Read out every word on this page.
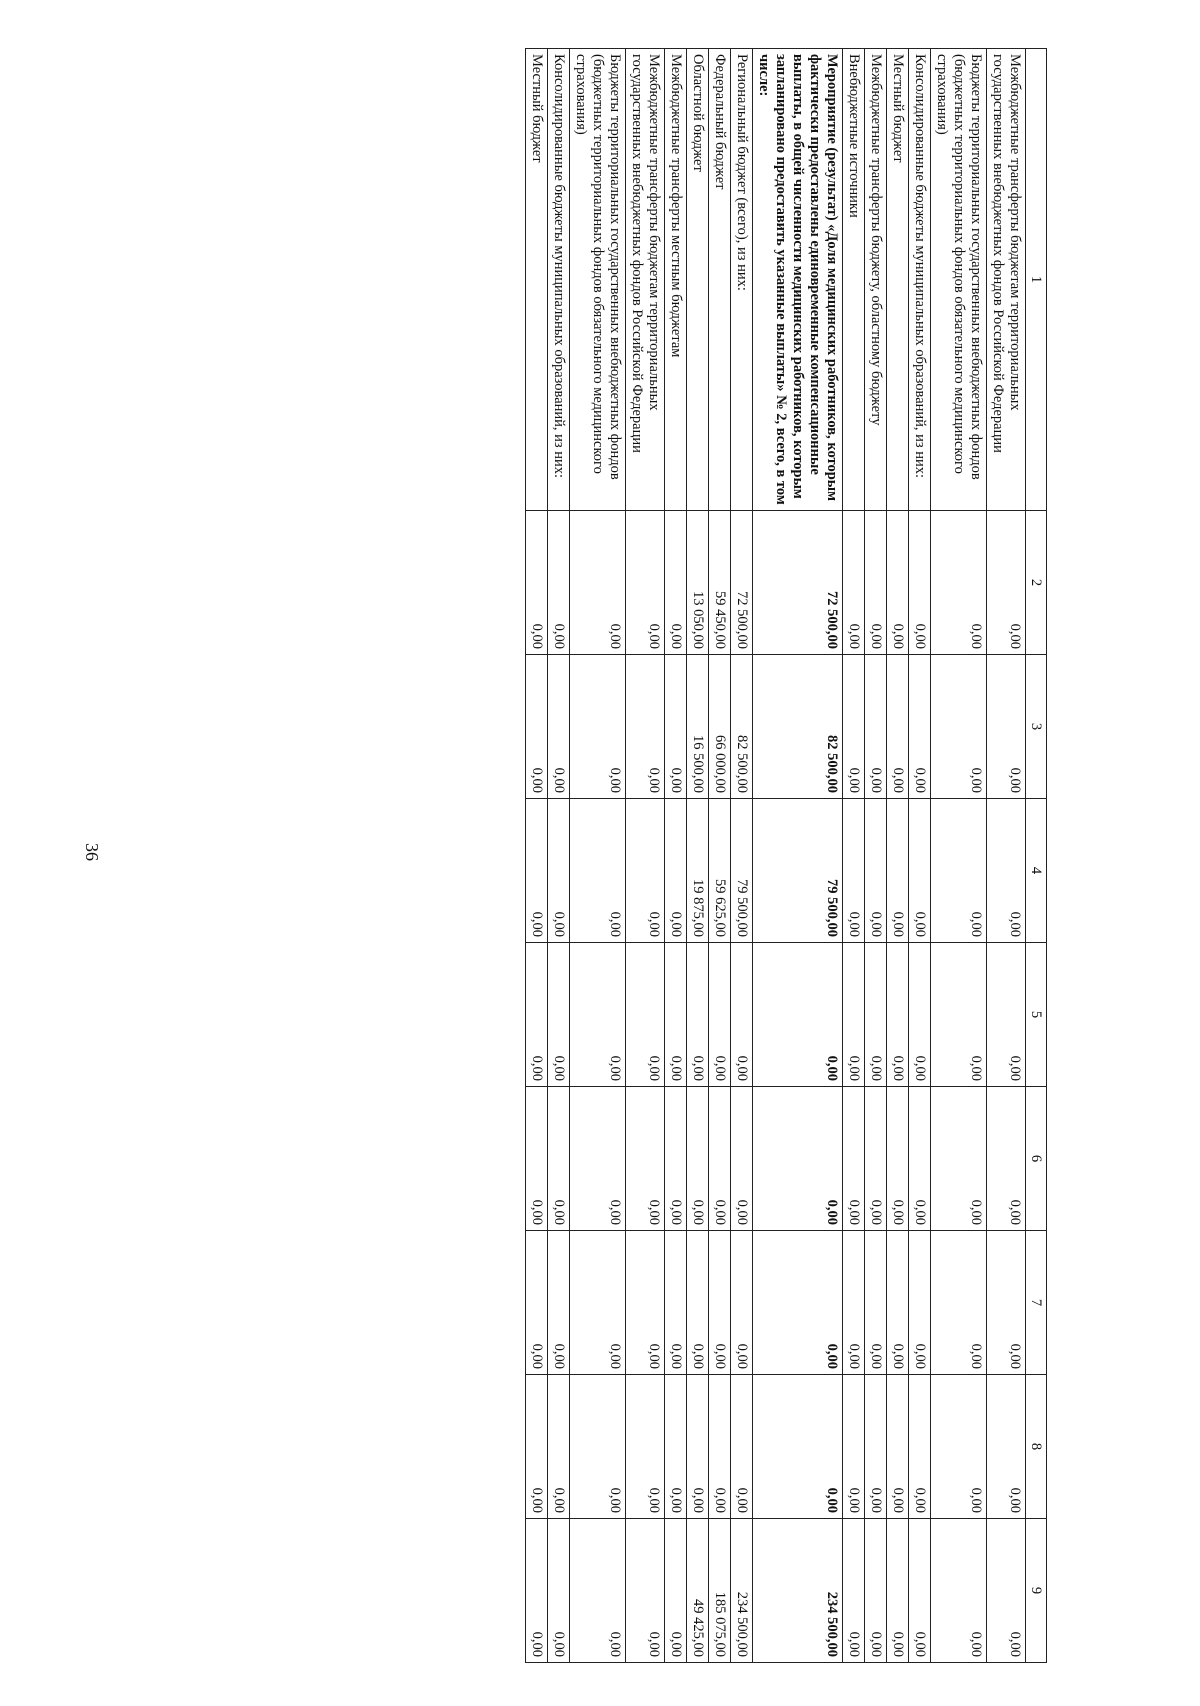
36
1	2	3	4	5	6	7	8	9
Межбюджетные трансферты бюджетам территориальных государственных внебюджетных фондов Российской Федерации	0,00	0,00	0,00	0,00	0,00	0,00	0,00	0,00
Бюджеты территориальных государственных внебюджетных фондов (бюджетных территориальных фондов обязательного медицинского страхования)	0,00	0,00	0,00	0,00	0,00	0,00	0,00	0,00
Консолидированные бюджеты муниципальных образований, из них:	0,00	0,00	0,00	0,00	0,00	0,00	0,00	0,00
Местный бюджет	0,00	0,00	0,00	0,00	0,00	0,00	0,00	0,00
Межбюджетные трансферты бюджету, областному бюджету	0,00	0,00	0,00	0,00	0,00	0,00	0,00	0,00
Внебюджетные источники	0,00	0,00	0,00	0,00	0,00	0,00	0,00	0,00
Мероприятие (результат) «Доля медицинских работников, которым фактически предоставлены единовременные компенсационные выплаты, в общей численности медицинских работников, которым запланировано предоставить указанные выплаты» № 2, всего, в том числе:	72 500,00	82 500,00	79 500,00	0,00	0,00	0,00	0,00	234 500,00
Региональный бюджет (всего), из них:	72 500,00	82 500,00	79 500,00	0,00	0,00	0,00	0,00	234 500,00
Федеральный бюджет	59 450,00	66 000,00	59 625,00	0,00	0,00	0,00	0,00	185 075,00
Областной бюджет	13 050,00	16 500,00	19 875,00	0,00	0,00	0,00	0,00	49 425,00
Межбюджетные трансферты местным бюджетам	0,00	0,00	0,00	0,00	0,00	0,00	0,00	0,00
Межбюджетные трансферты бюджетам территориальных государственных внебюджетных фондов Российской Федерации	0,00	0,00	0,00	0,00	0,00	0,00	0,00	0,00
Бюджеты территориальных государственных внебюджетных фондов (бюджетных территориальных фондов обязательного медицинского страхования)	0,00	0,00	0,00	0,00	0,00	0,00	0,00	0,00
Консолидированные бюджеты муниципальных образований, из них:	0,00	0,00	0,00	0,00	0,00	0,00	0,00	0,00
Местный бюджет	0,00	0,00	0,00	0,00	0,00	0,00	0,00	0,00
